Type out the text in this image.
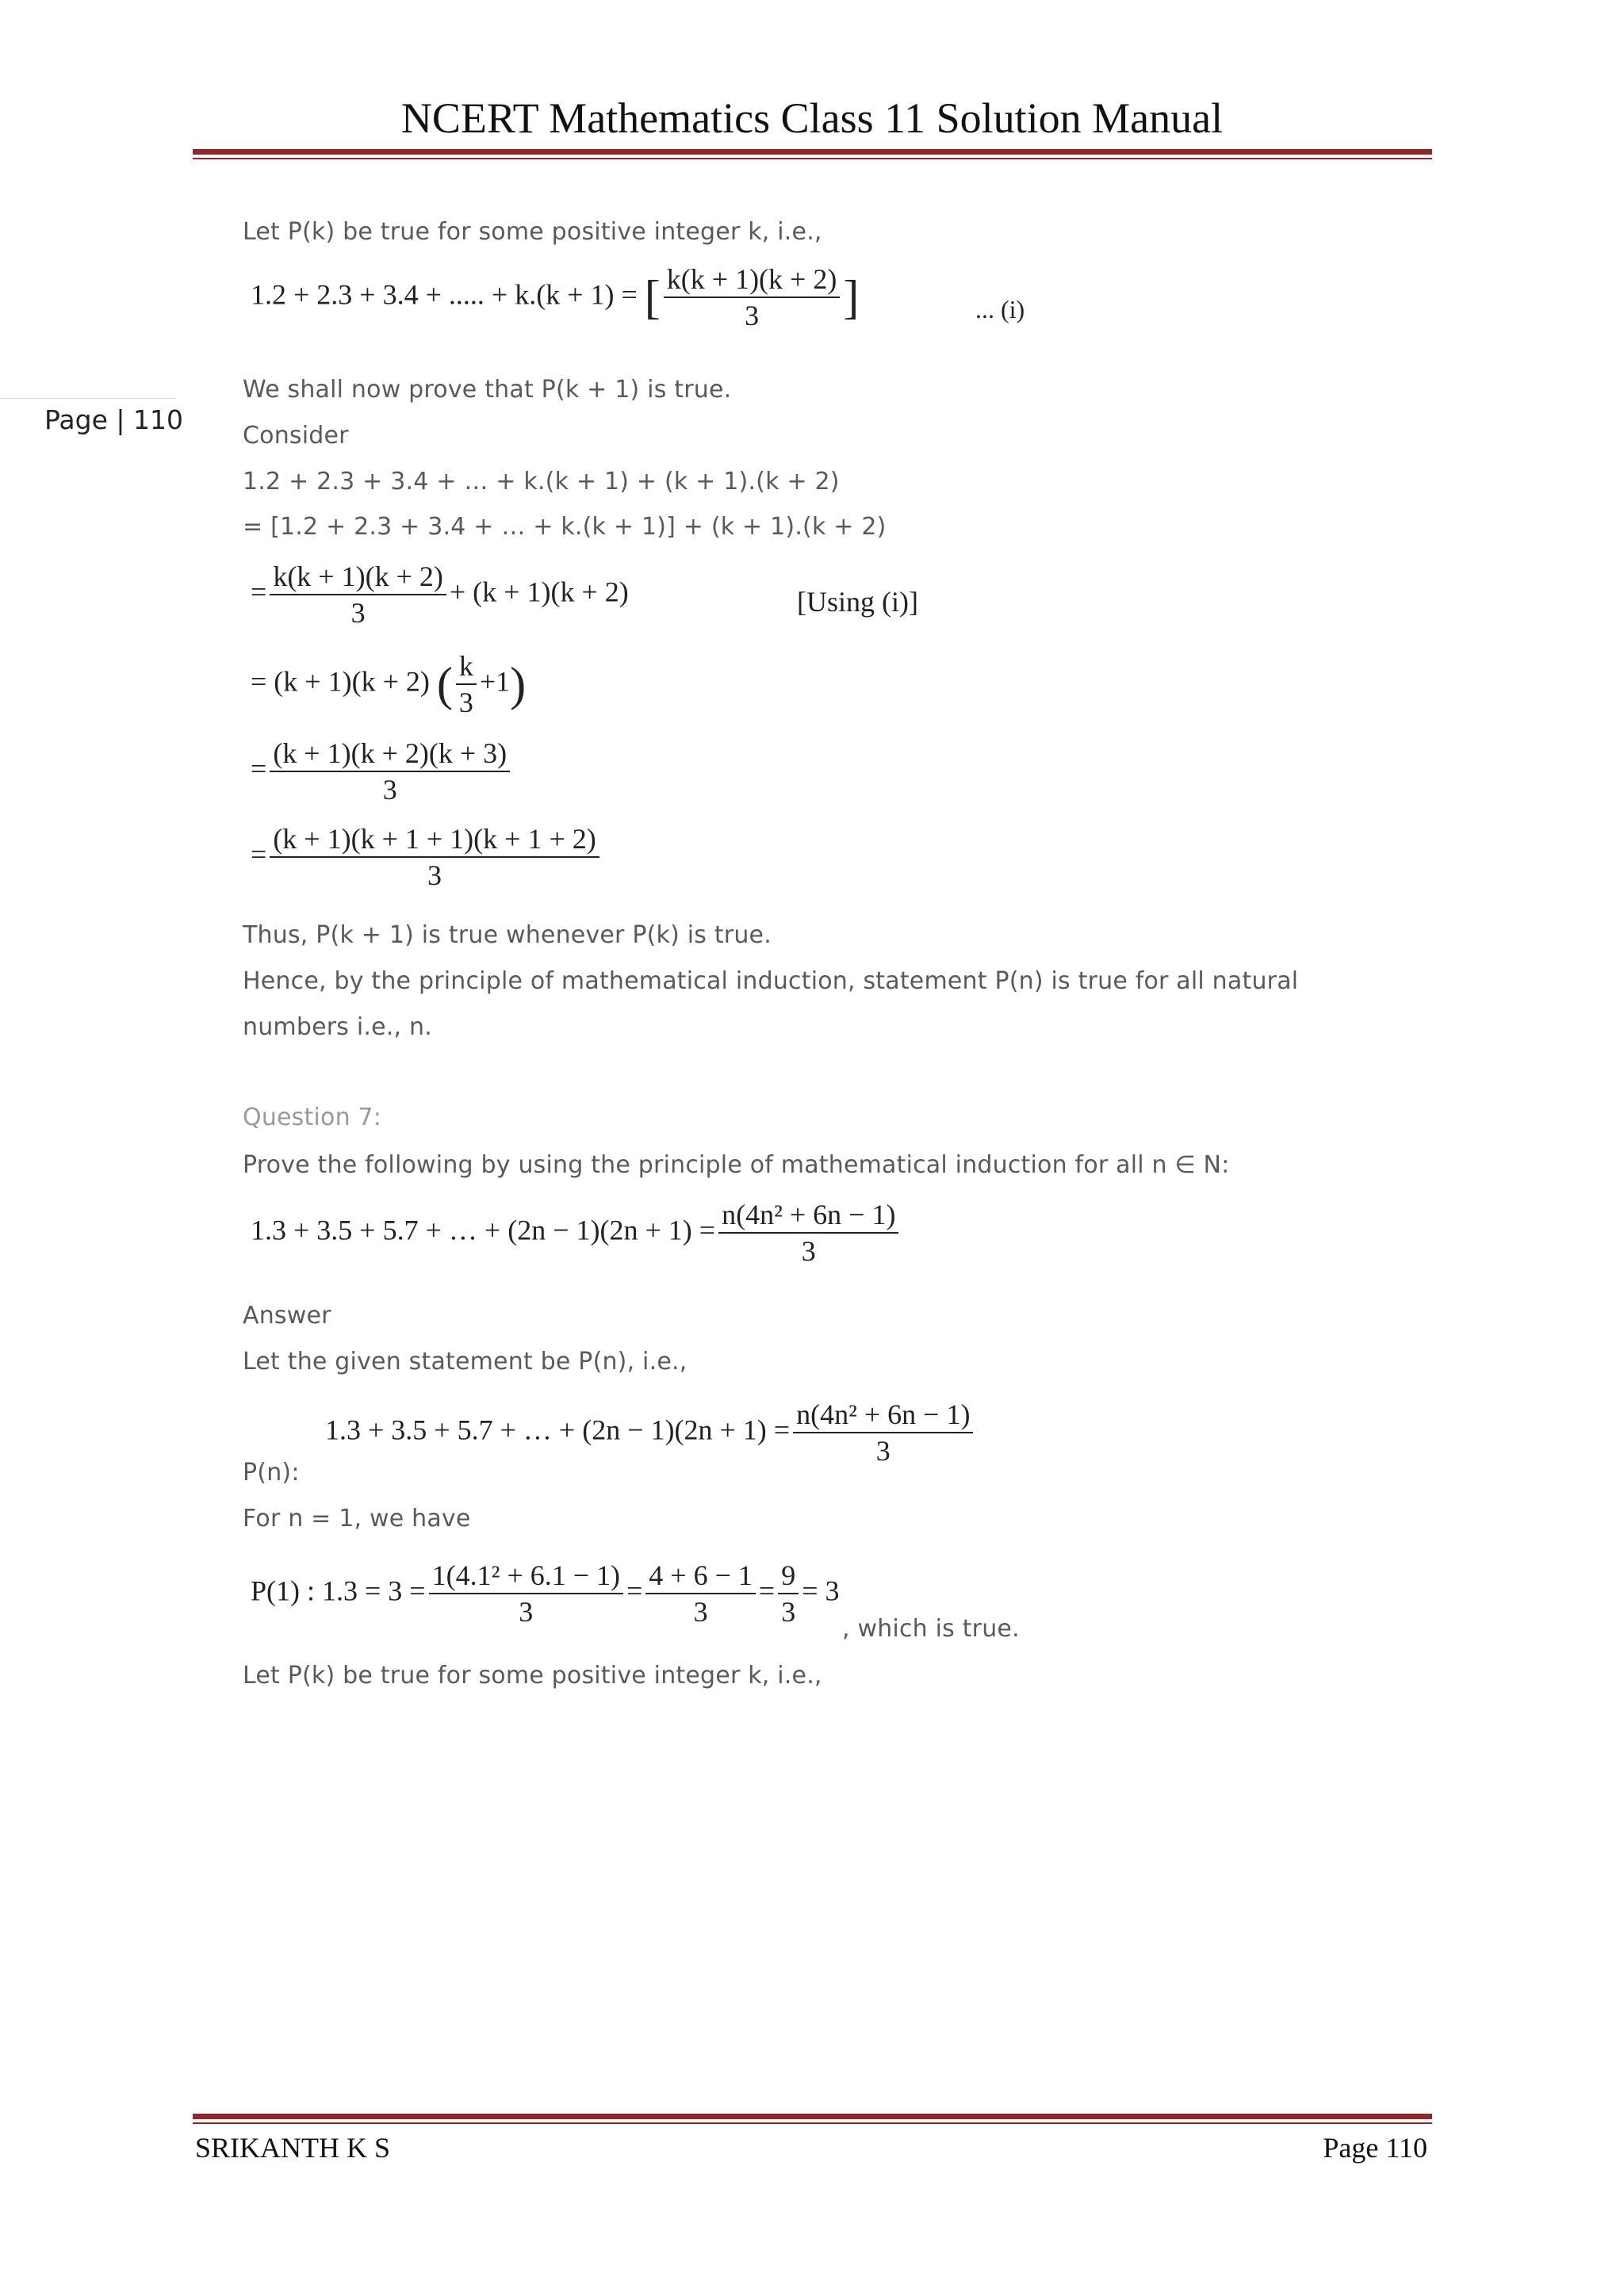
NCERT Mathematics Class 11 Solution Manual
Page | 110
Let P(k) be true for some positive integer k, i.e.,
1.2 + 2.3 + 3.4 + ..... + k.(k + 1) = [ $\frac{k(k + 1)(k + 2)}{3}$ ]	... (i)
We shall now prove that P(k + 1) is true.
Consider
1.2 + 2.3 + 3.4 + … + k.(k + 1) + (k + 1).(k + 2)
= [1.2 + 2.3 + 3.4 + … + k.(k + 1)] + (k + 1).(k + 2)
= $\frac{k(k + 1)(k + 2)}{3} + (k + 1)(k + 2)$	[Using (i)]
= (k + 1)(k + 2) ( $\frac{k}{3} +1$)
= $\frac{(k + 1)(k + 2)(k + 3)}{3}$
= $\frac{(k + 1)(k + 1 + 1)(k + 1 + 2)}{3}$
Thus, P(k + 1) is true whenever P(k) is true.
Hence, by the principle of mathematical induction, statement P(n) is true for all natural
numbers i.e., n.
Question 7:
Prove the following by using the principle of mathematical induction for all n ∈ N:
1.3 + 3.5 + 5.7 + … + $(2n - 1)(2n + 1) = \frac{\text{n(4n² + 6n − 1)}}{3}$
Answer
Let the given statement be P(n), i.e.,
1.3 + 3.5 + 5.7 + … + $(2n - 1)(2n + 1) = \frac{\text{n(4n² + 6n − 1)}}{3}$
P(n):
For n = 1, we have
P(1) : $1.3 = 3 = \frac{\text{1(4.1² + 6.1 − 1)}}{3} = \frac{4 + 6 - 1}{3} = \frac{9}{3} = 3$
, which is true.
Let P(k) be true for some positive integer k, i.e.,
SRIKANTH K S	Page 110
